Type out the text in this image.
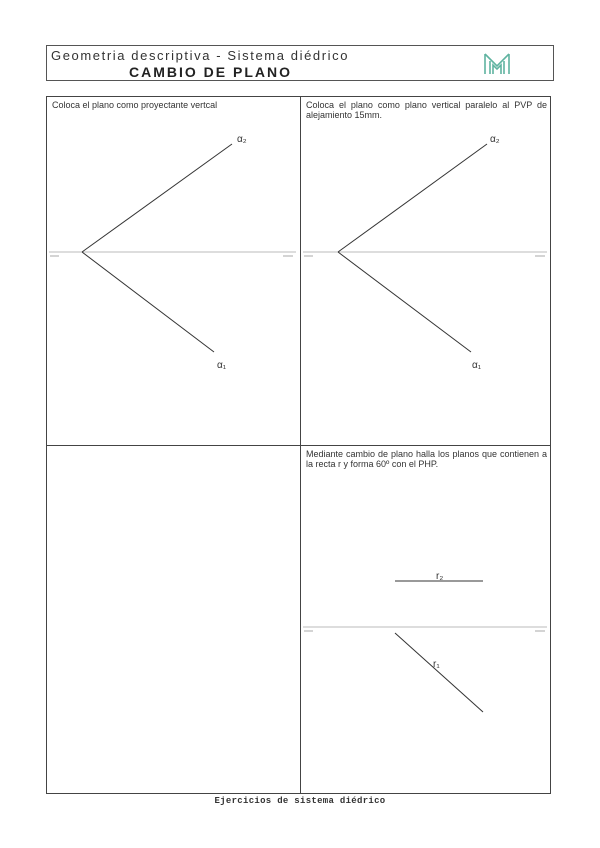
Geometria descriptiva - Sistema diédrico
CAMBIO DE PLANO
Coloca el plano como proyectante vertcal
α₂
α₁
Coloca el plano como plano vertical paralelo al PVP de alejamiento 15mm.
α₂
α₁
Mediante cambio de plano halla los planos que contienen a la recta r y forma 60º con el PHP.
r₂
r₁
Ejercicios de sistema diédrico
